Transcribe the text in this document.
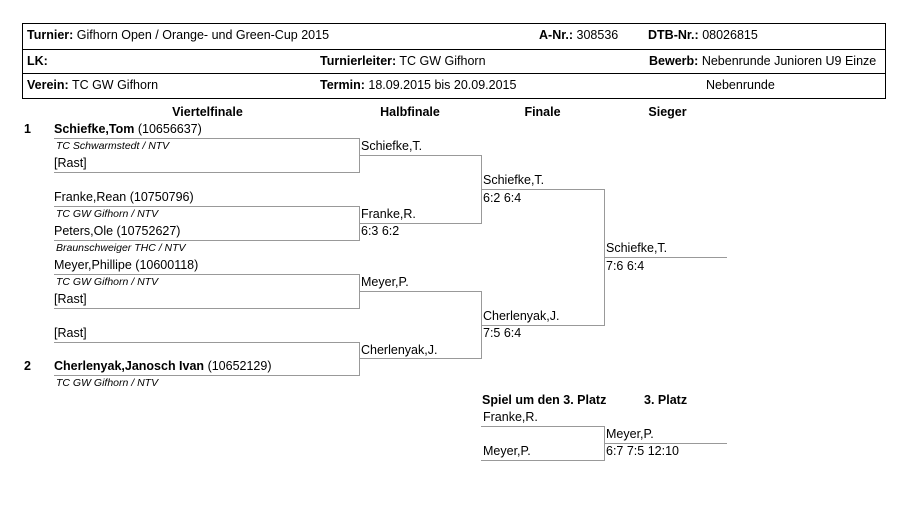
Turnier: Gifhorn Open / Orange- und Green-Cup 2015	A-Nr.: 308536 DTB-Nr.: 08026815
LK:	Turnierleiter: TC GW Gifhorn	Bewerb: Nebenrunde Junioren U9 Einze
Verein: TC GW Gifhorn	Termin: 18.09.2015 bis 20.09.2015	Nebenrunde
Viertelfinale	Halbfinale	Finale	Sieger
1 Schiefke,Tom (10656637)
TC Schwarmstedt / NTV
[Rast]
Franke,Rean (10750796)
TC GW Gifhorn / NTV
Peters,Ole (10752627)
Braunschweiger THC / NTV
Meyer,Phillipe (10600118)
TC GW Gifhorn / NTV
[Rast]
[Rast]
2 Cherlenyak,Janosch Ivan (10652129)
TC GW Gifhorn / NTV
Schiefke,T.
Franke,R.
6:3 6:2
Meyer,P.
Cherlenyak,J.
Schiefke,T.
6:2 6:4
Cherlenyak,J.
7:5 6:4
Schiefke,T.
7:6 6:4
Spiel um den 3. Platz	3. Platz
Franke,R.
Meyer,P.
Meyer,P.
6:7 7:5 12:10
